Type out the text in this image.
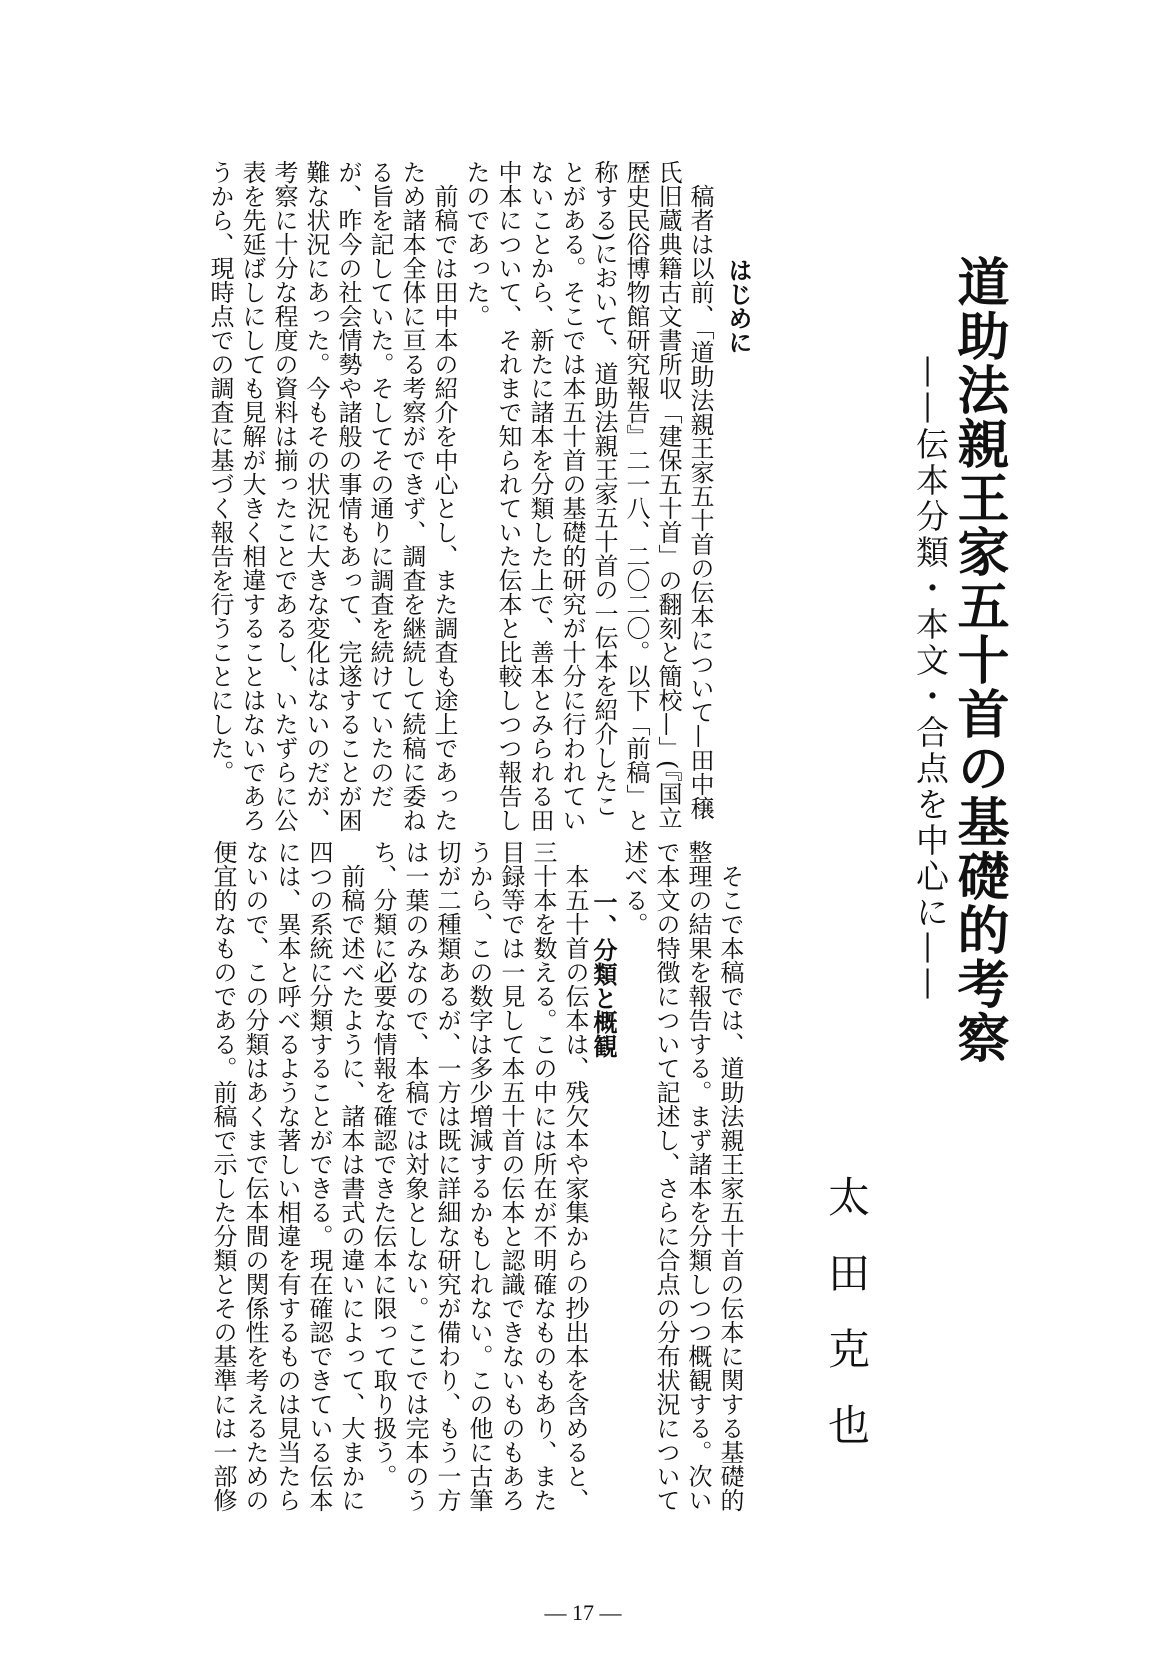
道助法親王家五十首の基礎的考察
——伝本分類・本文・合点を中心に——
太田克也
はじめに
　稿者は以前、「道助法親王家五十首の伝本について—田中穣
氏旧蔵典籍古文書所収「建保五十首」の翻刻と簡校—」(『国立
歴史民俗博物館研究報告』二一八、二〇二〇。以下「前稿」と
称する)において、道助法親王家五十首の一伝本を紹介したこ
とがある。そこでは本五十首の基礎的研究が十分に行われてい
ないことから、新たに諸本を分類した上で、善本とみられる田
中本について、それまで知られていた伝本と比較しつつ報告し
たのであった。
　前稿では田中本の紹介を中心とし、また調査も途上であった
ため諸本全体に亘る考察ができず、調査を継続して続稿に委ね
る旨を記していた。そしてその通りに調査を続けていたのだ
が、昨今の社会情勢や諸般の事情もあって、完遂することが困
難な状況にあった。今もその状況に大きな変化はないのだが、
考察に十分な程度の資料は揃ったことであるし、いたずらに公
表を先延ばしにしても見解が大きく相違することはないであろ
うから、現時点での調査に基づく報告を行うことにした。
　そこで本稿では、道助法親王家五十首の伝本に関する基礎的
整理の結果を報告する。まず諸本を分類しつつ概観する。次い
で本文の特徴について記述し、さらに合点の分布状況について
述べる。
一、分類と概観
　本五十首の伝本は、残欠本や家集からの抄出本を含めると、
三十本を数える。この中には所在が不明確なものもあり、また
目録等では一見して本五十首の伝本と認識できないものもあろ
うから、この数字は多少増減するかもしれない。この他に古筆
切が二種類あるが、一方は既に詳細な研究が備わり、もう一方
は一葉のみなので、本稿では対象としない。ここでは完本のう
ち、分類に必要な情報を確認できた伝本に限って取り扱う。
　前稿で述べたように、諸本は書式の違いによって、大まかに
四つの系統に分類することができる。現在確認できている伝本
には、異本と呼べるような著しい相違を有するものは見当たら
ないので、この分類はあくまで伝本間の関係性を考えるための
便宜的なものである。前稿で示した分類とその基準には一部修
— 17 —
